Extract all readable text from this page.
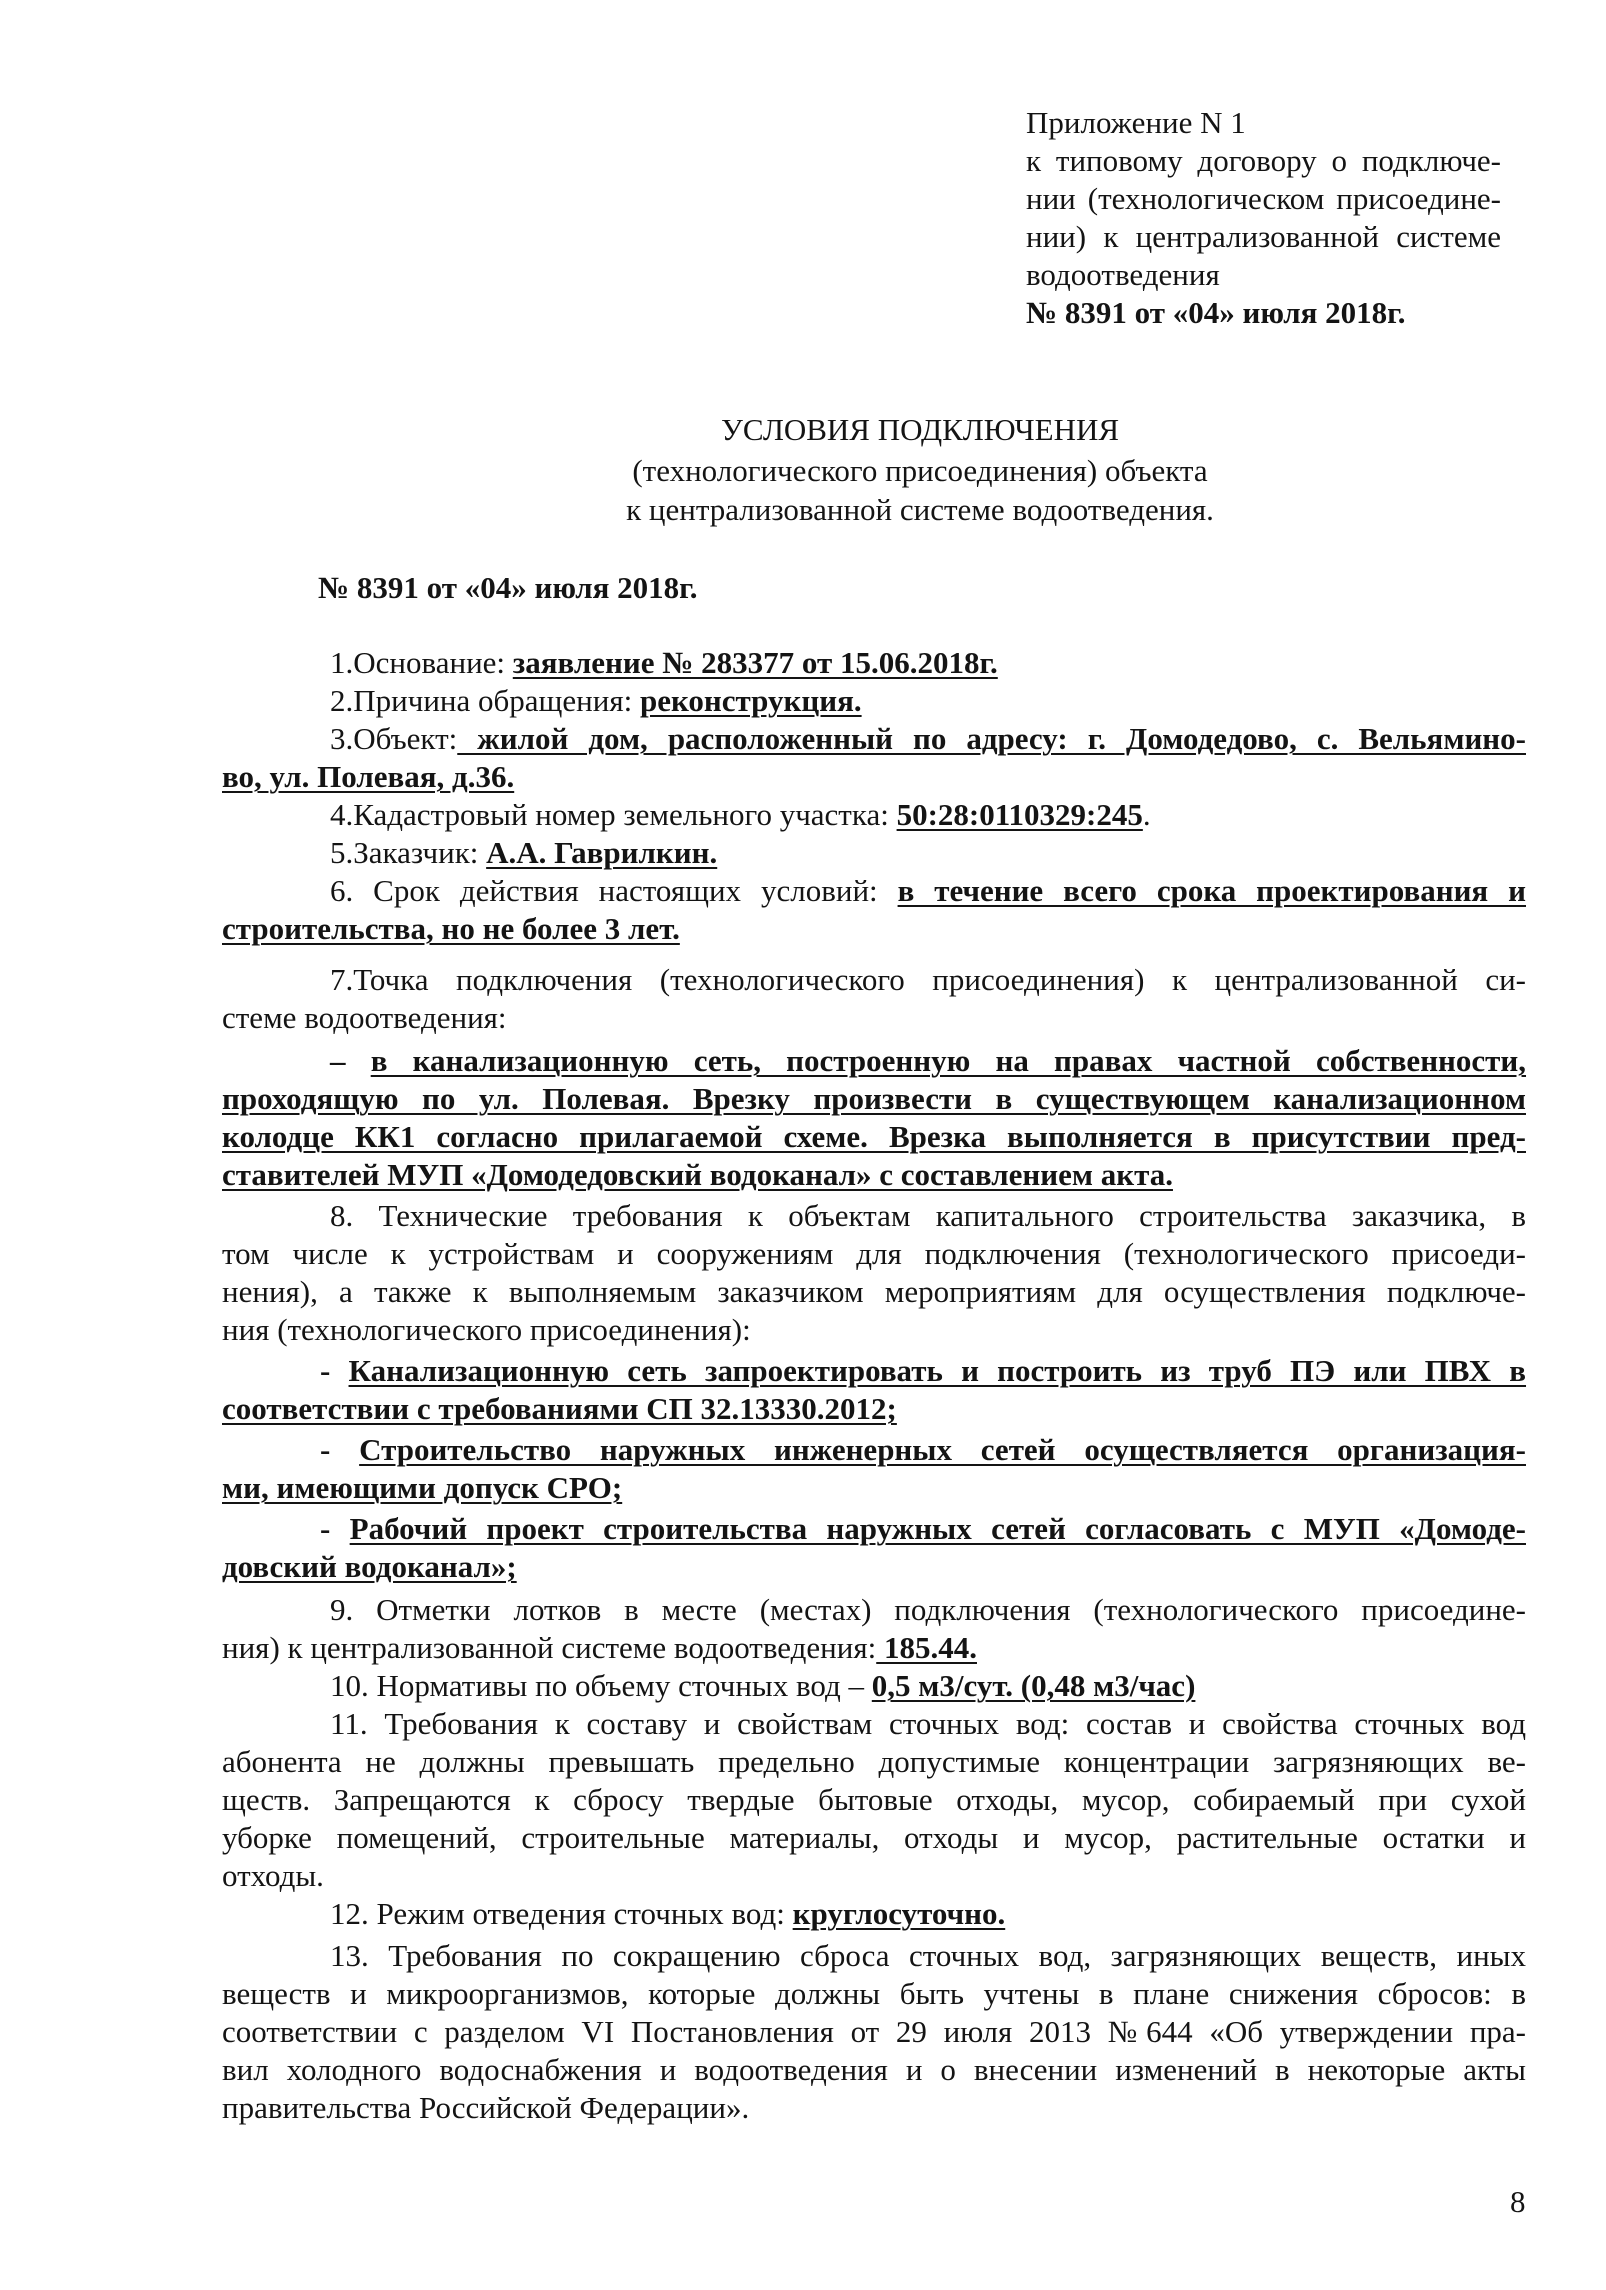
Приложение N 1
к типовому договору о подключе-
нии (технологическом присоедине-
нии) к централизованной системе
водоотведения
№ 8391 от «04» июля 2018г.
УСЛОВИЯ ПОДКЛЮЧЕНИЯ
(технологического присоединения) объекта
к централизованной системе водоотведения.
№ 8391 от «04» июля 2018г.
1.Основание: заявление № 283377 от 15.06.2018г.
2.Причина обращения: реконструкция.
3.Объект: жилой дом, расположенный по адресу: г. Домодедово, с. Вельямино-
во, ул. Полевая, д.36.
4.Кадастровый номер земельного участка: 50:28:0110329:245.
5.Заказчик: А.А. Гаврилкин.
6. Срок действия настоящих условий: в течение всего срока проектирования и
строительства, но не более 3 лет.
7.Точка подключения (технологического присоединения) к централизованной си-
стеме водоотведения:
– в канализационную сеть, построенную на правах частной собственности,
проходящую по ул. Полевая. Врезку произвести в существующем канализационном
колодце КК1 согласно прилагаемой схеме. Врезка выполняется в присутствии пред-
ставителей МУП «Домодедовский водоканал» с составлением акта.
8. Технические требования к объектам капитального строительства заказчика, в
том числе к устройствам и сооружениям для подключения (технологического присоеди-
нения), а также к выполняемым заказчиком мероприятиям для осуществления подключе-
ния (технологического присоединения):
- Канализационную сеть запроектировать и построить из труб ПЭ или ПВХ в
соответствии с требованиями СП 32.13330.2012;
- Строительство наружных инженерных сетей осуществляется организация-
ми, имеющими допуск СРО;
- Рабочий проект строительства наружных сетей согласовать с МУП «Домоде-
довский водоканал»;
9. Отметки лотков в месте (местах) подключения (технологического присоедине-
ния) к централизованной системе водоотведения: 185.44.
10. Нормативы по объему сточных вод – 0,5 м3/сут. (0,48 м3/час)
11. Требования к составу и свойствам сточных вод: состав и свойства сточных вод
абонента не должны превышать предельно допустимые концентрации загрязняющих ве-
ществ. Запрещаются к сбросу твердые бытовые отходы, мусор, собираемый при сухой
уборке помещений, строительные материалы, отходы и мусор, растительные остатки и
отходы.
12. Режим отведения сточных вод: круглосуточно.
13. Требования по сокращению сброса сточных вод, загрязняющих веществ, иных
веществ и микроорганизмов, которые должны быть учтены в плане снижения сбросов: в
соответствии с разделом VI Постановления от 29 июля 2013 №644 «Об утверждении пра-
вил холодного водоснабжения и водоотведения и о внесении изменений в некоторые акты
правительства Российской Федерации».
8
